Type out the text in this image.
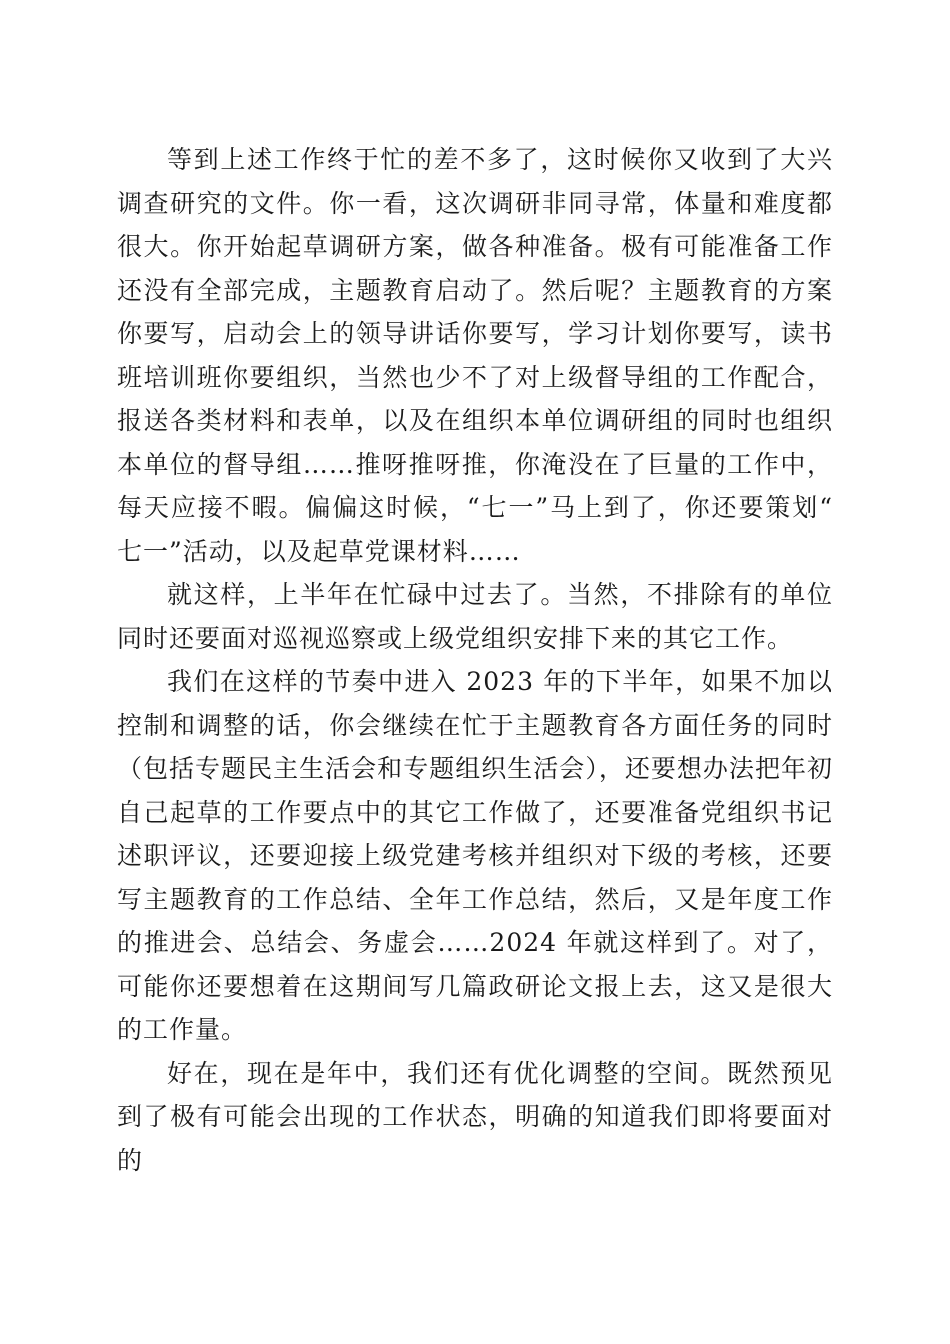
等到上述工作终于忙的差不多了，这时候你又收到了大兴调查研究的文件。你一看，这次调研非同寻常，体量和难度都很大。你开始起草调研方案，做各种准备。极有可能准备工作还没有全部完成，主题教育启动了。然后呢？主题教育的方案你要写，启动会上的领导讲话你要写，学习计划你要写，读书班培训班你要组织，当然也少不了对上级督导组的工作配合，报送各类材料和表单，以及在组织本单位调研组的同时也组织本单位的督导组……推呀推呀推，你淹没在了巨量的工作中，每天应接不暇。偏偏这时候，“七一”马上到了，你还要策划“七一”活动，以及起草党课材料……

就这样，上半年在忙碌中过去了。当然，不排除有的单位同时还要面对巡视巡察或上级党组织安排下来的其它工作。

我们在这样的节奏中进入 2023 年的下半年，如果不加以控制和调整的话，你会继续在忙于主题教育各方面任务的同时（包括专题民主生活会和专题组织生活会），还要想办法把年初自己起草的工作要点中的其它工作做了，还要准备党组织书记述职评议，还要迎接上级党建考核并组织对下级的考核，还要写主题教育的工作总结、全年工作总结，然后，又是年度工作的推进会、总结会、务虚会……2024 年就这样到了。对了，可能你还要想着在这期间写几篇政研论文报上去，这又是很大的工作量。

好在，现在是年中，我们还有优化调整的空间。既然预见到了极有可能会出现的工作状态，明确的知道我们即将要面对的
